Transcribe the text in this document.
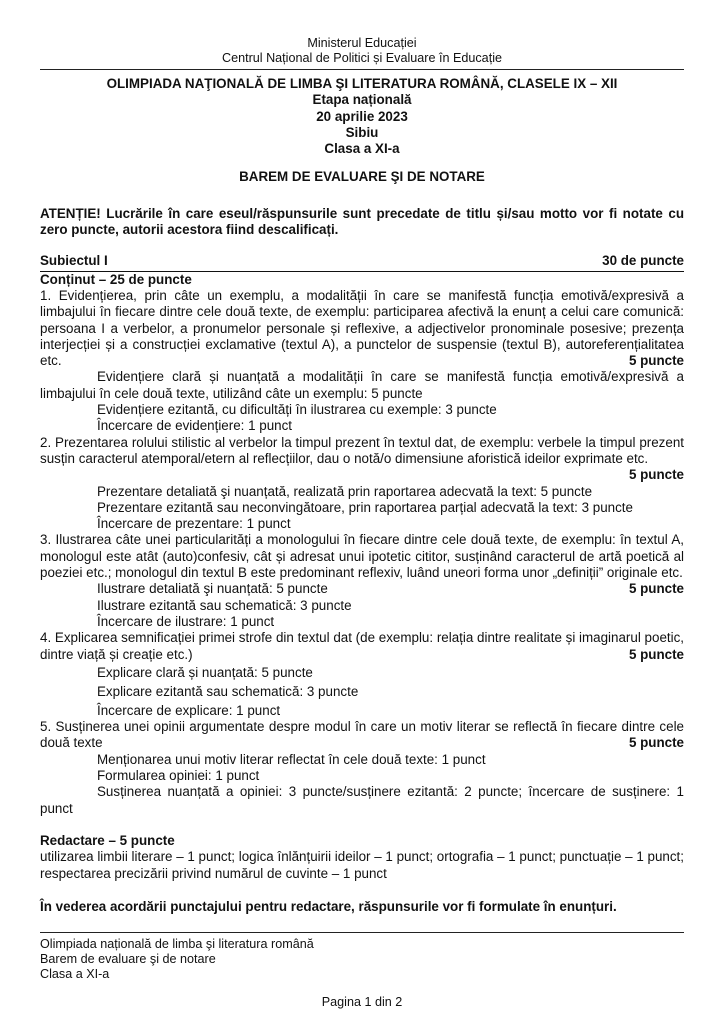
Ministerul Educației
Centrul Național de Politici și Evaluare în Educație
OLIMPIADA NAŢIONALĂ DE LIMBA ŞI LITERATURA ROMÂNĂ, CLASELE IX – XII
Etapa națională
20 aprilie 2023
Sibiu
Clasa a XI-a
BAREM DE EVALUARE ŞI DE NOTARE

ATENȚIE! Lucrările în care eseul/răspunsurile sunt precedate de titlu și/sau motto vor fi notate cu zero puncte, autorii acestora fiind descalificați.

Subiectul I	30 de puncte
Conținut – 25 de puncte
1. Evidențierea, prin câte un exemplu, a modalității în care se manifestă funcția emotivă/expresivă a limbajului în fiecare dintre cele două texte, de exemplu: participarea afectivă la enunț a celui care comunică: persoana I a verbelor, a pronumelor personale și reflexive, a adjectivelor pronominale posesive; prezența interjecției și a construcției exclamative (textul A), a punctelor de suspensie (textul B), autoreferențialitatea etc.	5 puncte
Evidențiere clară și nuanțată a modalității în care se manifestă funcția emotivă/expresivă a limbajului în cele două texte, utilizând câte un exemplu: 5 puncte
Evidențiere ezitantă, cu dificultăți în ilustrarea cu exemple: 3 puncte
Încercare de evidențiere: 1 punct
2. Prezentarea rolului stilistic al verbelor la timpul prezent în textul dat, de exemplu: verbele la timpul prezent susțin caracterul atemporal/etern al reflecțiilor, dau o notă/o dimensiune aforistică ideilor exprimate etc.
5 puncte
Prezentare detaliată şi nuanțată, realizată prin raportarea adecvată la text: 5 puncte
Prezentare ezitantă sau neconvingătoare, prin raportarea parțial adecvată la text: 3 puncte
Încercare de prezentare: 1 punct
3. Ilustrarea câte unei particularități a monologului în fiecare dintre cele două texte, de exemplu: în textul A, monologul este atât (auto)confesiv, cât și adresat unui ipotetic cititor, susținând caracterul de artă poetică al poeziei etc.; monologul din textul B este predominant reflexiv, luând uneori forma unor „definiții” originale etc.
5 puncte
Ilustrare detaliată şi nuanțată: 5 puncte
Ilustrare ezitantă sau schematică: 3 puncte
Încercare de ilustrare: 1 punct
4. Explicarea semnificației primei strofe din textul dat (de exemplu: relația dintre realitate și imaginarul poetic, dintre viață și creație etc.)	5 puncte
Explicare clară și nuanțată: 5 puncte
Explicare ezitantă sau schematică: 3 puncte
Încercare de explicare: 1 punct
5. Susținerea unei opinii argumentate despre modul în care un motiv literar se reflectă în fiecare dintre cele două texte	5 puncte
Menționarea unui motiv literar reflectat în cele două texte: 1 punct
Formularea opiniei: 1 punct
Susținerea nuanțată a opiniei: 3 puncte/susținere ezitantă: 2 puncte; încercare de susținere: 1 punct
Redactare – 5 puncte
utilizarea limbii literare – 1 punct; logica înlănțuirii ideilor – 1 punct; ortografia – 1 punct; punctuație – 1 punct; respectarea precizării privind numărul de cuvinte – 1 punct
În vederea acordării punctajului pentru redactare, răspunsurile vor fi formulate în enunțuri.
Olimpiada națională de limba şi literatura română
Barem de evaluare şi de notare
Clasa a XI-a
Pagina 1 din 2
